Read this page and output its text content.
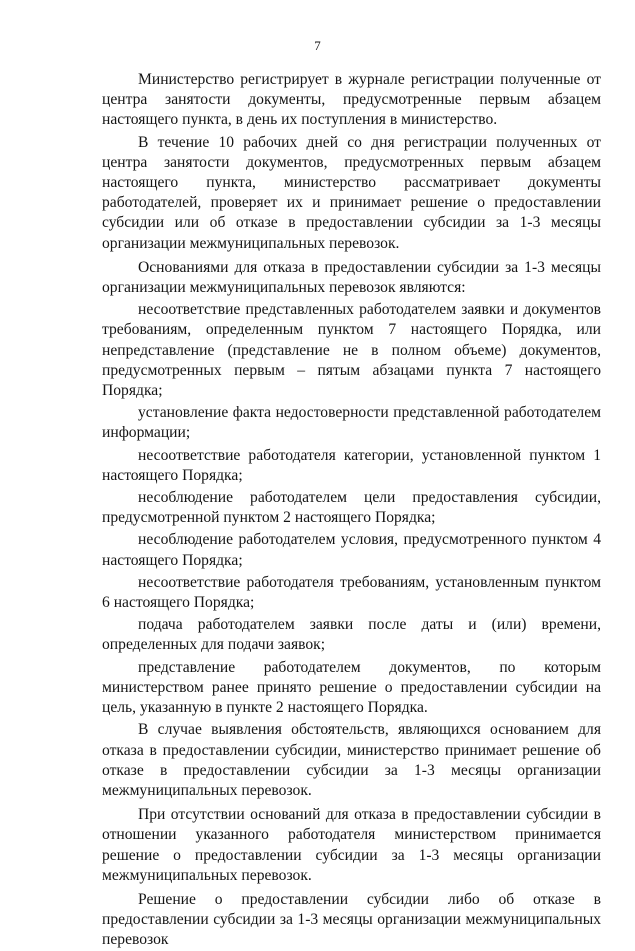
7

Министерство регистрирует в журнале регистрации полученные от центра занятости документы, предусмотренные первым абзацем настоящего пункта, в день их поступления в министерство.

В течение 10 рабочих дней со дня регистрации полученных от центра занятости документов, предусмотренных первым абзацем настоящего пункта, министерство рассматривает документы работодателей, проверяет их и принимает решение о предоставлении субсидии или об отказе в предоставлении субсидии за 1-3 месяцы организации межмуниципальных перевозок.

Основаниями для отказа в предоставлении субсидии за 1-3 месяцы организации межмуниципальных перевозок являются:

несоответствие представленных работодателем заявки и документов требованиям, определенным пунктом 7 настоящего Порядка, или непредставление (представление не в полном объеме) документов, предусмотренных первым – пятым абзацами пункта 7 настоящего Порядка;

установление факта недостоверности представленной работодателем информации;

несоответствие работодателя категории, установленной пунктом 1 настоящего Порядка;

несоблюдение работодателем цели предоставления субсидии, предусмотренной пунктом 2 настоящего Порядка;

несоблюдение работодателем условия, предусмотренного пунктом 4 настоящего Порядка;

несоответствие работодателя требованиям, установленным пунктом 6 настоящего Порядка;

подача работодателем заявки после даты и (или) времени, определенных для подачи заявок;

представление работодателем документов, по которым министерством ранее принято решение о предоставлении субсидии на цель, указанную в пункте 2 настоящего Порядка.

В случае выявления обстоятельств, являющихся основанием для отказа в предоставлении субсидии, министерство принимает решение об отказе в предоставлении субсидии за 1-3 месяцы организации межмуниципальных перевозок.

При отсутствии оснований для отказа в предоставлении субсидии в отношении указанного работодателя министерством принимается решение о предоставлении субсидии за 1-3 месяцы организации межмуниципальных перевозок.

Решение о предоставлении субсидии либо об отказе в предоставлении субсидии за 1-3 месяцы организации межмуниципальных перевозок
